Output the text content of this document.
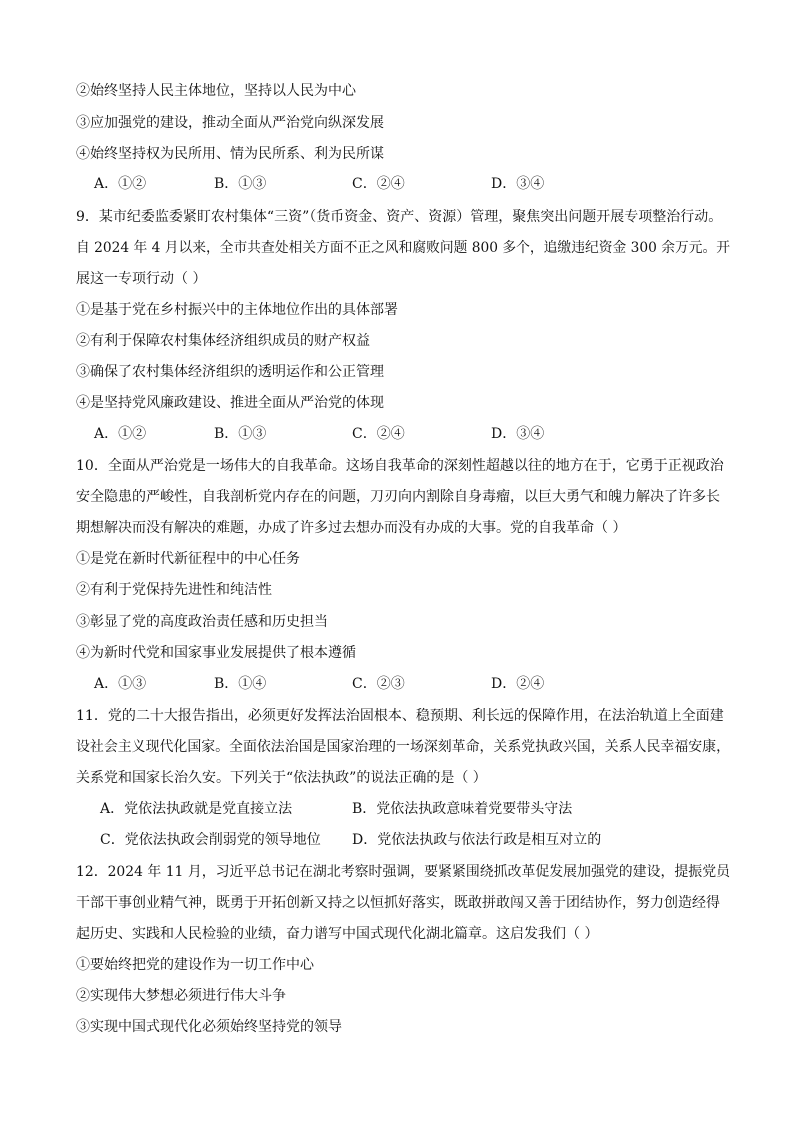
②始终坚持人民主体地位，坚持以人民为中心
③应加强党的建设，推动全面从严治党向纵深发展
④始终坚持权为民所用、情为民所系、利为民所谋
A．①②	B．①③	C．②④	D．③④
9．某市纪委监委紧盯农村集体“三资”（货币资金、资产、资源）管理，聚焦突出问题开展专项整治行动。
自 2024 年 4 月以来，全市共查处相关方面不正之风和腐败问题 800 多个，追缴违纪资金 300 余万元。开
展这一专项行动（ ）
①是基于党在乡村振兴中的主体地位作出的具体部署
②有利于保障农村集体经济组织成员的财产权益
③确保了农村集体经济组织的透明运作和公正管理
④是坚持党风廉政建设、推进全面从严治党的体现
A．①②	B．①③	C．②④	D．③④
10．全面从严治党是一场伟大的自我革命。这场自我革命的深刻性超越以往的地方在于，它勇于正视政治
安全隐患的严峻性，自我剖析党内存在的问题，刀刃向内割除自身毒瘤，以巨大勇气和魄力解决了许多长
期想解决而没有解决的难题，办成了许多过去想办而没有办成的大事。党的自我革命（ ）
①是党在新时代新征程中的中心任务
②有利于党保持先进性和纯洁性
③彰显了党的高度政治责任感和历史担当
④为新时代党和国家事业发展提供了根本遵循
A．①③	B．①④	C．②③	D．②④
11．党的二十大报告指出，必须更好发挥法治固根本、稳预期、利长远的保障作用，在法治轨道上全面建
设社会主义现代化国家。全面依法治国是国家治理的一场深刻革命，关系党执政兴国，关系人民幸福安康，
关系党和国家长治久安。下列关于“依法执政”的说法正确的是（ ）
A．党依法执政就是党直接立法	B．党依法执政意味着党要带头守法
C．党依法执政会削弱党的领导地位 D．党依法执政与依法行政是相互对立的
12．2024 年 11 月，习近平总书记在湖北考察时强调，要紧紧围绕抓改革促发展加强党的建设，提振党员
干部干事创业精气神，既勇于开拓创新又持之以恒抓好落实，既敢拼敢闯又善于团结协作，努力创造经得
起历史、实践和人民检验的业绩，奋力谱写中国式现代化湖北篇章。这启发我们（ ）
①要始终把党的建设作为一切工作中心
②实现伟大梦想必须进行伟大斗争
③实现中国式现代化必须始终坚持党的领导
